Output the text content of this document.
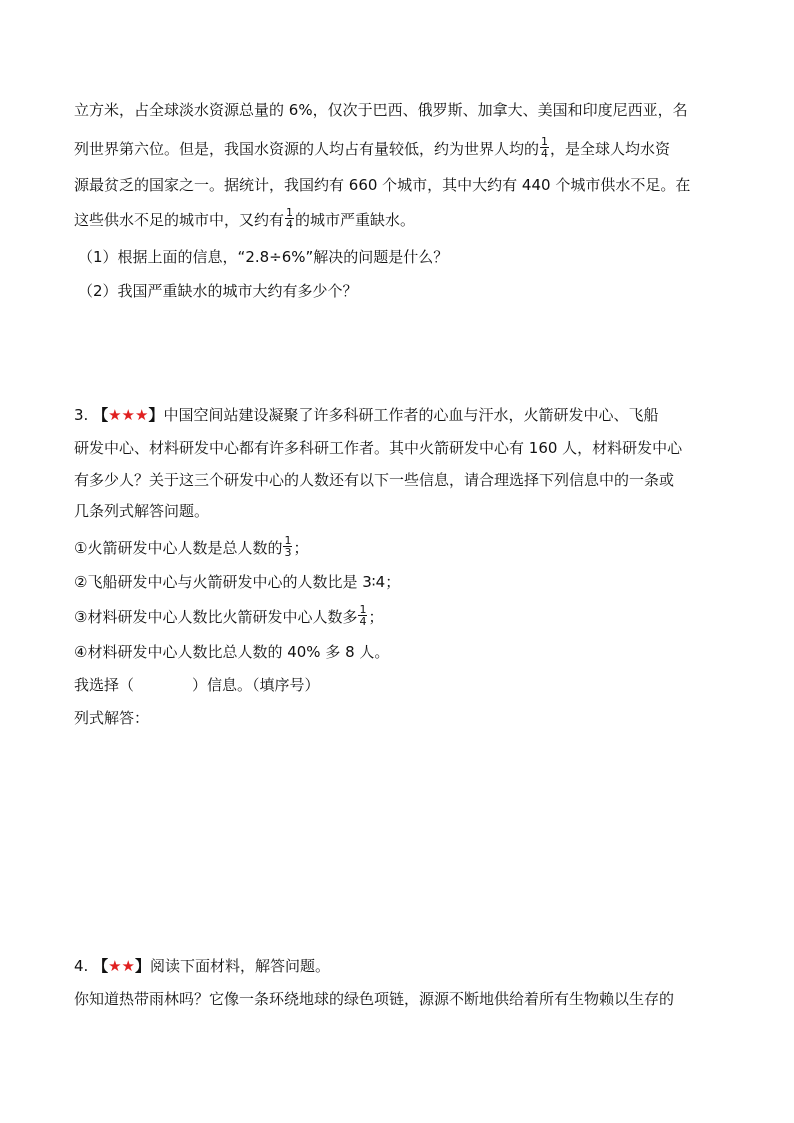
立方米，占全球淡水资源总量的 6%，仅次于巴西、俄罗斯、加拿大、美国和印度尼西亚，名
列世界第六位。但是，我国水资源的人均占有量较低，约为世界人均的 $\frac{1}{4}$ ，是全球人均水资
源最贫乏的国家之一。据统计，我国约有 660 个城市，其中大约有 440 个城市供水不足。在
这些供水不足的城市中，又约有 $\frac{1}{4}$ 的城市严重缺水。
（1）根据上面的信息，“2.8÷6%”解决的问题是什么？
（2）我国严重缺水的城市大约有多少个？
3. 【★★★】中国空间站建设凝聚了许多科研工作者的心血与汗水，火箭研发中心、飞船
研发中心、材料研发中心都有许多科研工作者。其中火箭研发中心有 160 人，材料研发中心
有多少人？关于这三个研发中心的人数还有以下一些信息，请合理选择下列信息中的一条或
几条列式解答问题。
①火箭研发中心人数是总人数的 $\frac{1}{3}$ ；
②飞船研发中心与火箭研发中心的人数比是 3∶4；
③材料研发中心人数比火箭研发中心人数多 $\frac{1}{4}$ ；
④材料研发中心人数比总人数的 40% 多 8 人。
我选择（	）信息。（填序号）
列式解答：
4. 【★★】阅读下面材料，解答问题。
你知道热带雨林吗？它像一条环绕地球的绿色项链，源源不断地供给着所有生物赖以生存的
